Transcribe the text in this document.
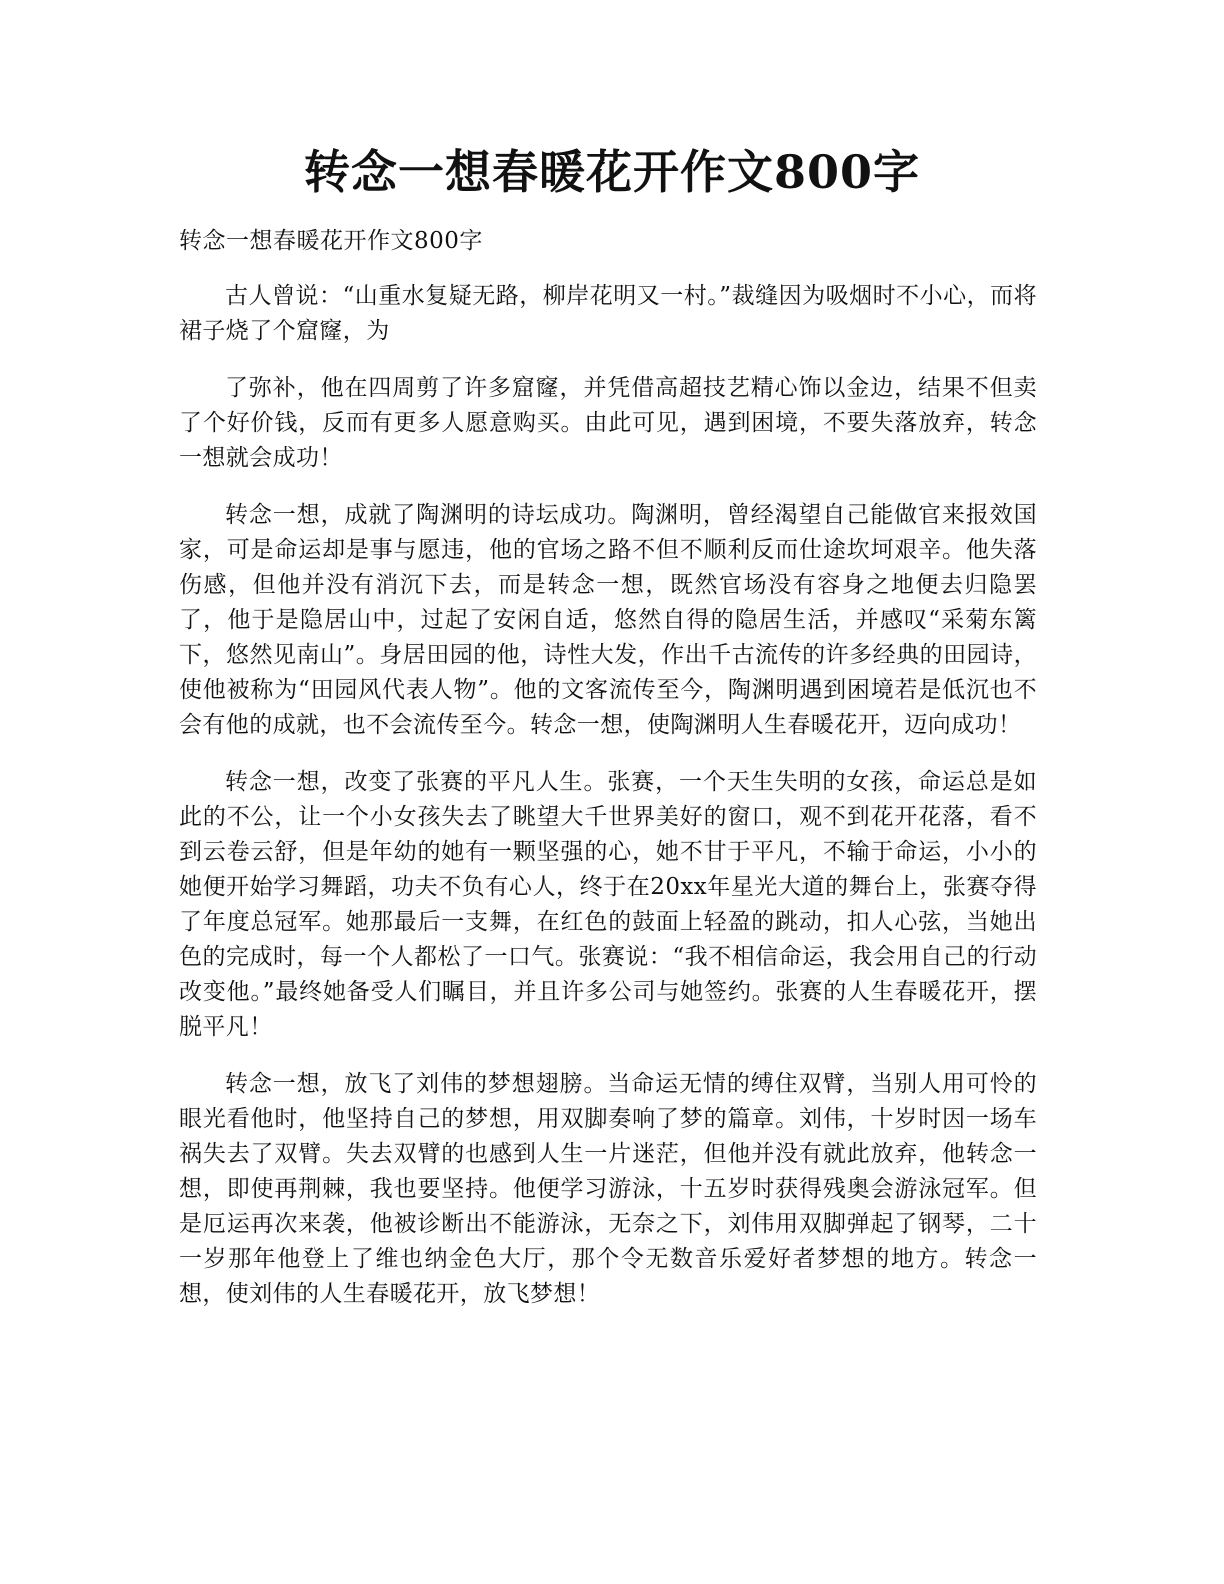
转念一想春暖花开作文800字

转念一想春暖花开作文800字

古人曾说：“山重水复疑无路，柳岸花明又一村。”裁缝因为吸烟时不小心，而将裙子烧了个窟窿，为

了弥补，他在四周剪了许多窟窿，并凭借高超技艺精心饰以金边，结果不但卖了个好价钱，反而有更多人愿意购买。由此可见，遇到困境，不要失落放弃，转念一想就会成功！

转念一想，成就了陶渊明的诗坛成功。陶渊明，曾经渴望自己能做官来报效国家，可是命运却是事与愿违，他的官场之路不但不顺利反而仕途坎坷艰辛。他失落伤感，但他并没有消沉下去，而是转念一想，既然官场没有容身之地便去归隐罢了，他于是隐居山中，过起了安闲自适，悠然自得的隐居生活，并感叹“采菊东篱下，悠然见南山”。身居田园的他，诗性大发，作出千古流传的许多经典的田园诗，使他被称为“田园风代表人物”。他的文客流传至今，陶渊明遇到困境若是低沉也不会有他的成就，也不会流传至今。转念一想，使陶渊明人生春暖花开，迈向成功！

转念一想，改变了张赛的平凡人生。张赛，一个天生失明的女孩，命运总是如此的不公，让一个小女孩失去了眺望大千世界美好的窗口，观不到花开花落，看不到云卷云舒，但是年幼的她有一颗坚强的心，她不甘于平凡，不输于命运，小小的她便开始学习舞蹈，功夫不负有心人，终于在20xx年星光大道的舞台上，张赛夺得了年度总冠军。她那最后一支舞，在红色的鼓面上轻盈的跳动，扣人心弦，当她出色的完成时，每一个人都松了一口气。张赛说：“我不相信命运，我会用自己的行动改变他。”最终她备受人们瞩目，并且许多公司与她签约。张赛的人生春暖花开，摆脱平凡！

转念一想，放飞了刘伟的梦想翅膀。当命运无情的缚住双臂，当别人用可怜的眼光看他时，他坚持自己的梦想，用双脚奏响了梦的篇章。刘伟，十岁时因一场车祸失去了双臂。失去双臂的也感到人生一片迷茫，但他并没有就此放弃，他转念一想，即使再荆棘，我也要坚持。他便学习游泳，十五岁时获得残奥会游泳冠军。但是厄运再次来袭，他被诊断出不能游泳，无奈之下，刘伟用双脚弹起了钢琴，二十一岁那年他登上了维也纳金色大厅，那个令无数音乐爱好者梦想的地方。转念一想，使刘伟的人生春暖花开，放飞梦想！
